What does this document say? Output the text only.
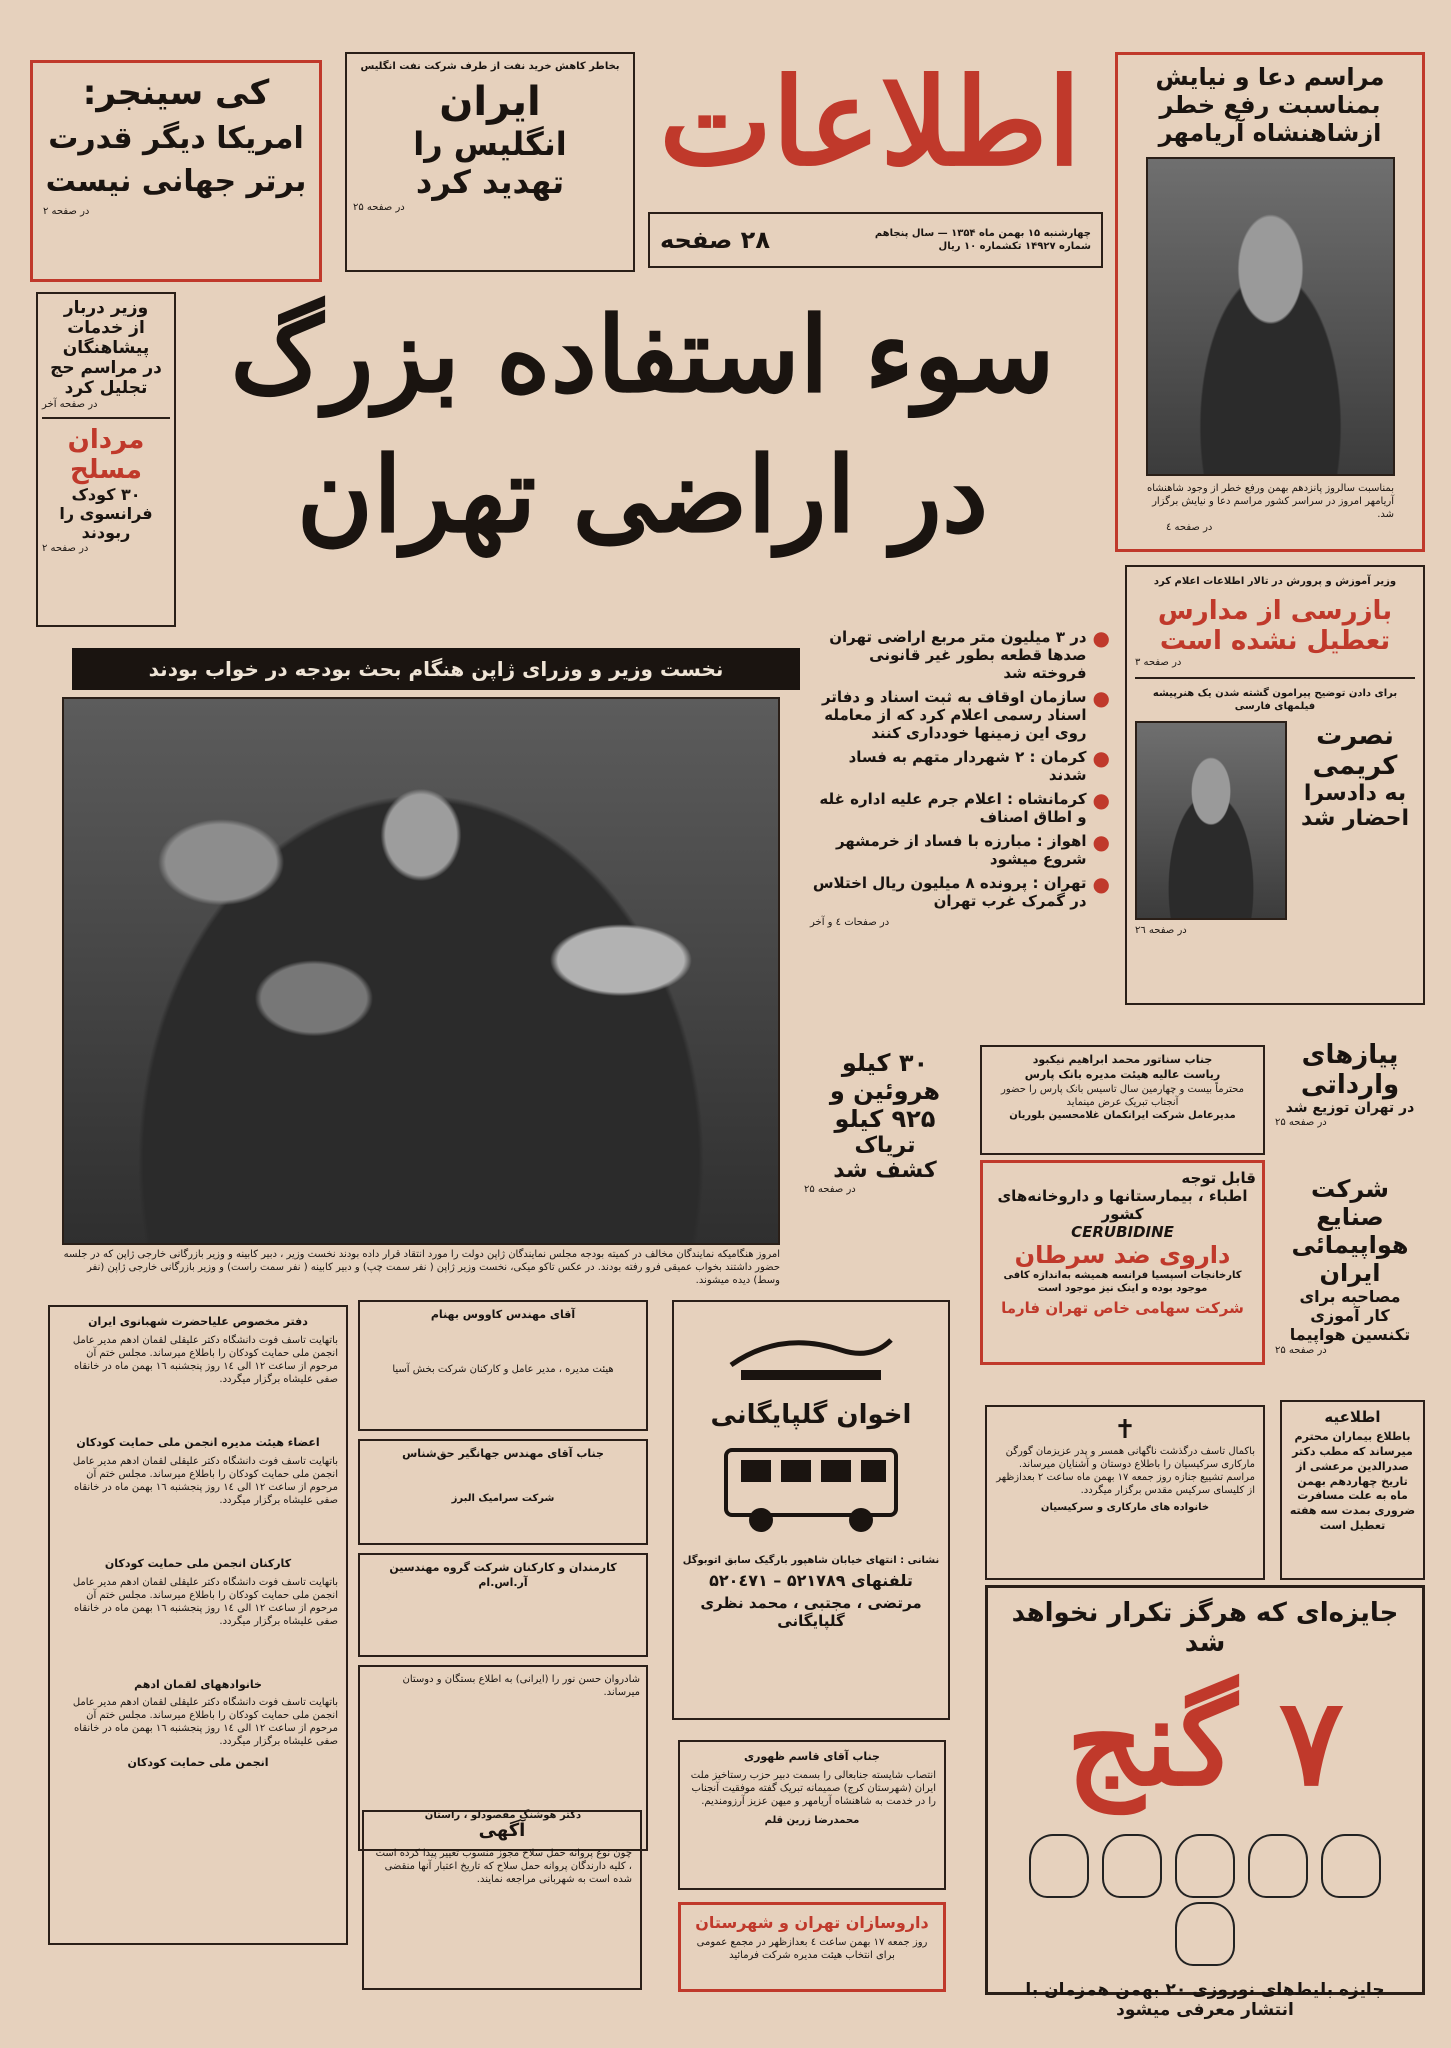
اطلاعات
چهارشنبه ۱۵ بهمن ماه ۱۳۵۴ — سال پنجاهم
شماره ۱۴۹۲۷ تکشماره ۱۰ ریال
۲۸ صفحه
کی سینجر:
امریکا دیگر قدرت
برتر جهانی نیست
در صفحه ۲
بخاطر کاهش خرید نفت از طرف شرکت نفت انگلیس
ایران
انگلیس را
تهدید کرد
در صفحه ۲۵
مراسم دعا و نیایش
بمناسبت رفع خطر
ازشاهنشاه آریامهر
بمناسبت سالروز پانزدهم بهمن ورفع خطر از وجود شاهنشاه آریامهر امروز در سراسر کشور مراسم دعا و نیایش برگزار شد.
در صفحه ٤
سوء استفاده بزرگ
در اراضی تهران
وزیر دربار
از خدمات
پیشاهنگان
در مراسم حج
تجلیل کرد
در صفحه آخر
مردان
مسلح
۳۰ کودک
فرانسوی را
ربودند
در صفحه ۲
نخست وزیر و وزرای ژاپن هنگام بحث بودجه در خواب بودند
امروز هنگامیکه نمایندگان مخالف در کمیته بودجه مجلس نمایندگان ژاپن دولت را مورد انتقاد قرار داده بودند نخست وزیر ، دبیر کابینه و وزیر بازرگانی خارجی ژاپن که در جلسه حضور داشتند بخواب عمیقی فرو رفته بودند. در عکس تاکو میکی، نخست وزیر ژاپن ( نفر سمت چپ) و دبیر کابینه ( نفر سمت راست) و وزیر بازرگانی خارجی ژاپن (نفر وسط) دیده میشوند.
●
در ۳ میلیون متر مربع اراضی تهران صدها قطعه بطور غیر قانونی فروخته شد
●
سازمان اوقاف به ثبت اسناد و دفاتر اسناد رسمی اعلام کرد که از معامله روی این زمینها خودداری کنند
●
کرمان : ۲ شهردار متهم به فساد شدند
●
کرمانشاه : اعلام جرم علیه اداره غله و اطاق اصناف
●
اهواز : مبارزه با فساد از خرمشهر شروع میشود
●
تهران : پرونده ۸ میلیون ریال اختلاس در گمرک غرب تهران
در صفحات ٤ و آخر
وزیر آموزش و پرورش در تالار اطلاعات اعلام کرد
بازرسی از مدارس
تعطیل نشده است
در صفحه ۳
برای دادن توضیح پیرامون گشته شدن یک هنرپیشه فیلمهای فارسی
نصرت
کریمی
به دادسرا
احضار شد
در صفحه ۲٦
۳۰ کیلو
هروئین و
۹۲۵ کیلو
تریاک
کشف شد
در صفحه ۲۵
جناب سناتور محمد ابراهیم نیکبود
ریاست عالیه هیئت مدیره بانک پارس
محترماً بیست و چهارمین سال تاسیس بانک پارس را حضور آنجناب تبریک عرض مینماید
مدیرعامل شرکت ایرانکمان غلامحسین بلوریان
پیازهای
وارداتی
در تهران توزیع شد
در صفحه ۲۵
قابل توجه
اطباء ، بیمارستانها و داروخانه‌های
کشور
CERUBIDINE
داروی ضد سرطان
کارخانجات اسپسیا فرانسه همیشه به‌اندازه کافی موجود بوده و اینک نیز موجود است
شرکت سهامی خاص تهران فارما
شرکت صنایع
هواپیمائی
ایران
مصاحبه برای
کار آموزی
تکنسین هواپیما
در صفحه ۲۵
دفتر مخصوص علیاحضرت شهبانوی ایران
باتهایت تاسف فوت دانشگاه دکتر علیقلی لقمان ادهم مدیر عامل انجمن ملی حمایت کودکان را باطلاع میرساند. مجلس ختم آن مرحوم از ساعت ۱۲ الی ۱٤ روز پنجشنبه ۱٦ بهمن ماه در خانقاه صفی علیشاه برگزار میگردد.
اعضاء هیئت مدیره انجمن ملی حمایت کودکان
باتهایت تاسف فوت دانشگاه دکتر علیقلی لقمان ادهم مدیر عامل انجمن ملی حمایت کودکان را باطلاع میرساند. مجلس ختم آن مرحوم از ساعت ۱۲ الی ۱٤ روز پنجشنبه ۱٦ بهمن ماه در خانقاه صفی علیشاه برگزار میگردد.
کارکنان انجمن ملی حمایت کودکان
باتهایت تاسف فوت دانشگاه دکتر علیقلی لقمان ادهم مدیر عامل انجمن ملی حمایت کودکان را باطلاع میرساند. مجلس ختم آن مرحوم از ساعت ۱۲ الی ۱٤ روز پنجشنبه ۱٦ بهمن ماه در خانقاه صفی علیشاه برگزار میگردد.
خانوادههای لقمان ادهم
باتهایت تاسف فوت دانشگاه دکتر علیقلی لقمان ادهم مدیر عامل انجمن ملی حمایت کودکان را باطلاع میرساند. مجلس ختم آن مرحوم از ساعت ۱۲ الی ۱٤ روز پنجشنبه ۱٦ بهمن ماه در خانقاه صفی علیشاه برگزار میگردد.
انجمن ملی حمایت کودکان
آقای مهندس کاووس بهنام
هیئت مدیره ، مدیر عامل و کارکنان شرکت بخش آسیا
جناب آقای مهندس جهانگیر حق‌شناس
شرکت سرامیک البرز
کارمندان و کارکنان شرکت گروه مهندسین آر.اس.ام
شادروان حسن نور را (ایرانی) به اطلاع بستگان و دوستان میرساند.
دکتر هوشنگ مقصودلو ، راستان
آگهی
چون نوع پروانه حمل سلاح مجوز منسوب تغییر پیدا کرده است ، کلیه دارندگان پروانه حمل سلاح که تاریخ اعتبار آنها منقضی شده است به شهربانی مراجعه نمایند.
اخوان گلپایگانی
نشانی : انتهای خیابان شاهپور بارگیک سابق اتوبوگل
تلفنهای ۵۲۱۷۸۹ – ۵۲۰٤۷۱
مرتضی ، مجتبی ، محمد نظری
گلپایگانی
جناب آقای قاسم ظهوری
انتصاب شایسته جنابعالی را بسمت دبیر حزب رستاخیز ملت ایران (شهرستان کرج) صمیمانه تبریک گفته موفقیت آنجناب را در خدمت به شاهنشاه آریامهر و میهن عزیز آرزومندیم.
محمدرضا زرین قلم
داروسازان تهران و شهرستان
روز جمعه ۱۷ بهمن ساعت ٤ بعدازظهر در مجمع عمومی برای انتخاب هیئت مدیره شرکت فرمائید
✝
باکمال تاسف درگذشت ناگهانی همسر و پدر عزیزمان گورگن مارکاری سرکیسیان را باطلاع دوستان و آشنایان میرساند. مراسم تشییع جنازه روز جمعه ۱۷ بهمن ماه ساعت ۲ بعدازظهر از کلیسای سرکیس مقدس برگزار میگردد.
خانواده های مارکاری و سرکیسیان
اطلاعیه
باطلاع بیماران محترم میرساند که مطب دکتر صدرالدین مرعشی از تاریخ چهاردهم بهمن ماه به علت مسافرت ضروری بمدت سه هفته تعطیل است
جایزه‌ای که هرگز تکرار نخواهد شد
۷ گنج

جایزه بلیط‌های نوروزی ۲۰ بهمن همزمان با انتشار معرفی میشود
